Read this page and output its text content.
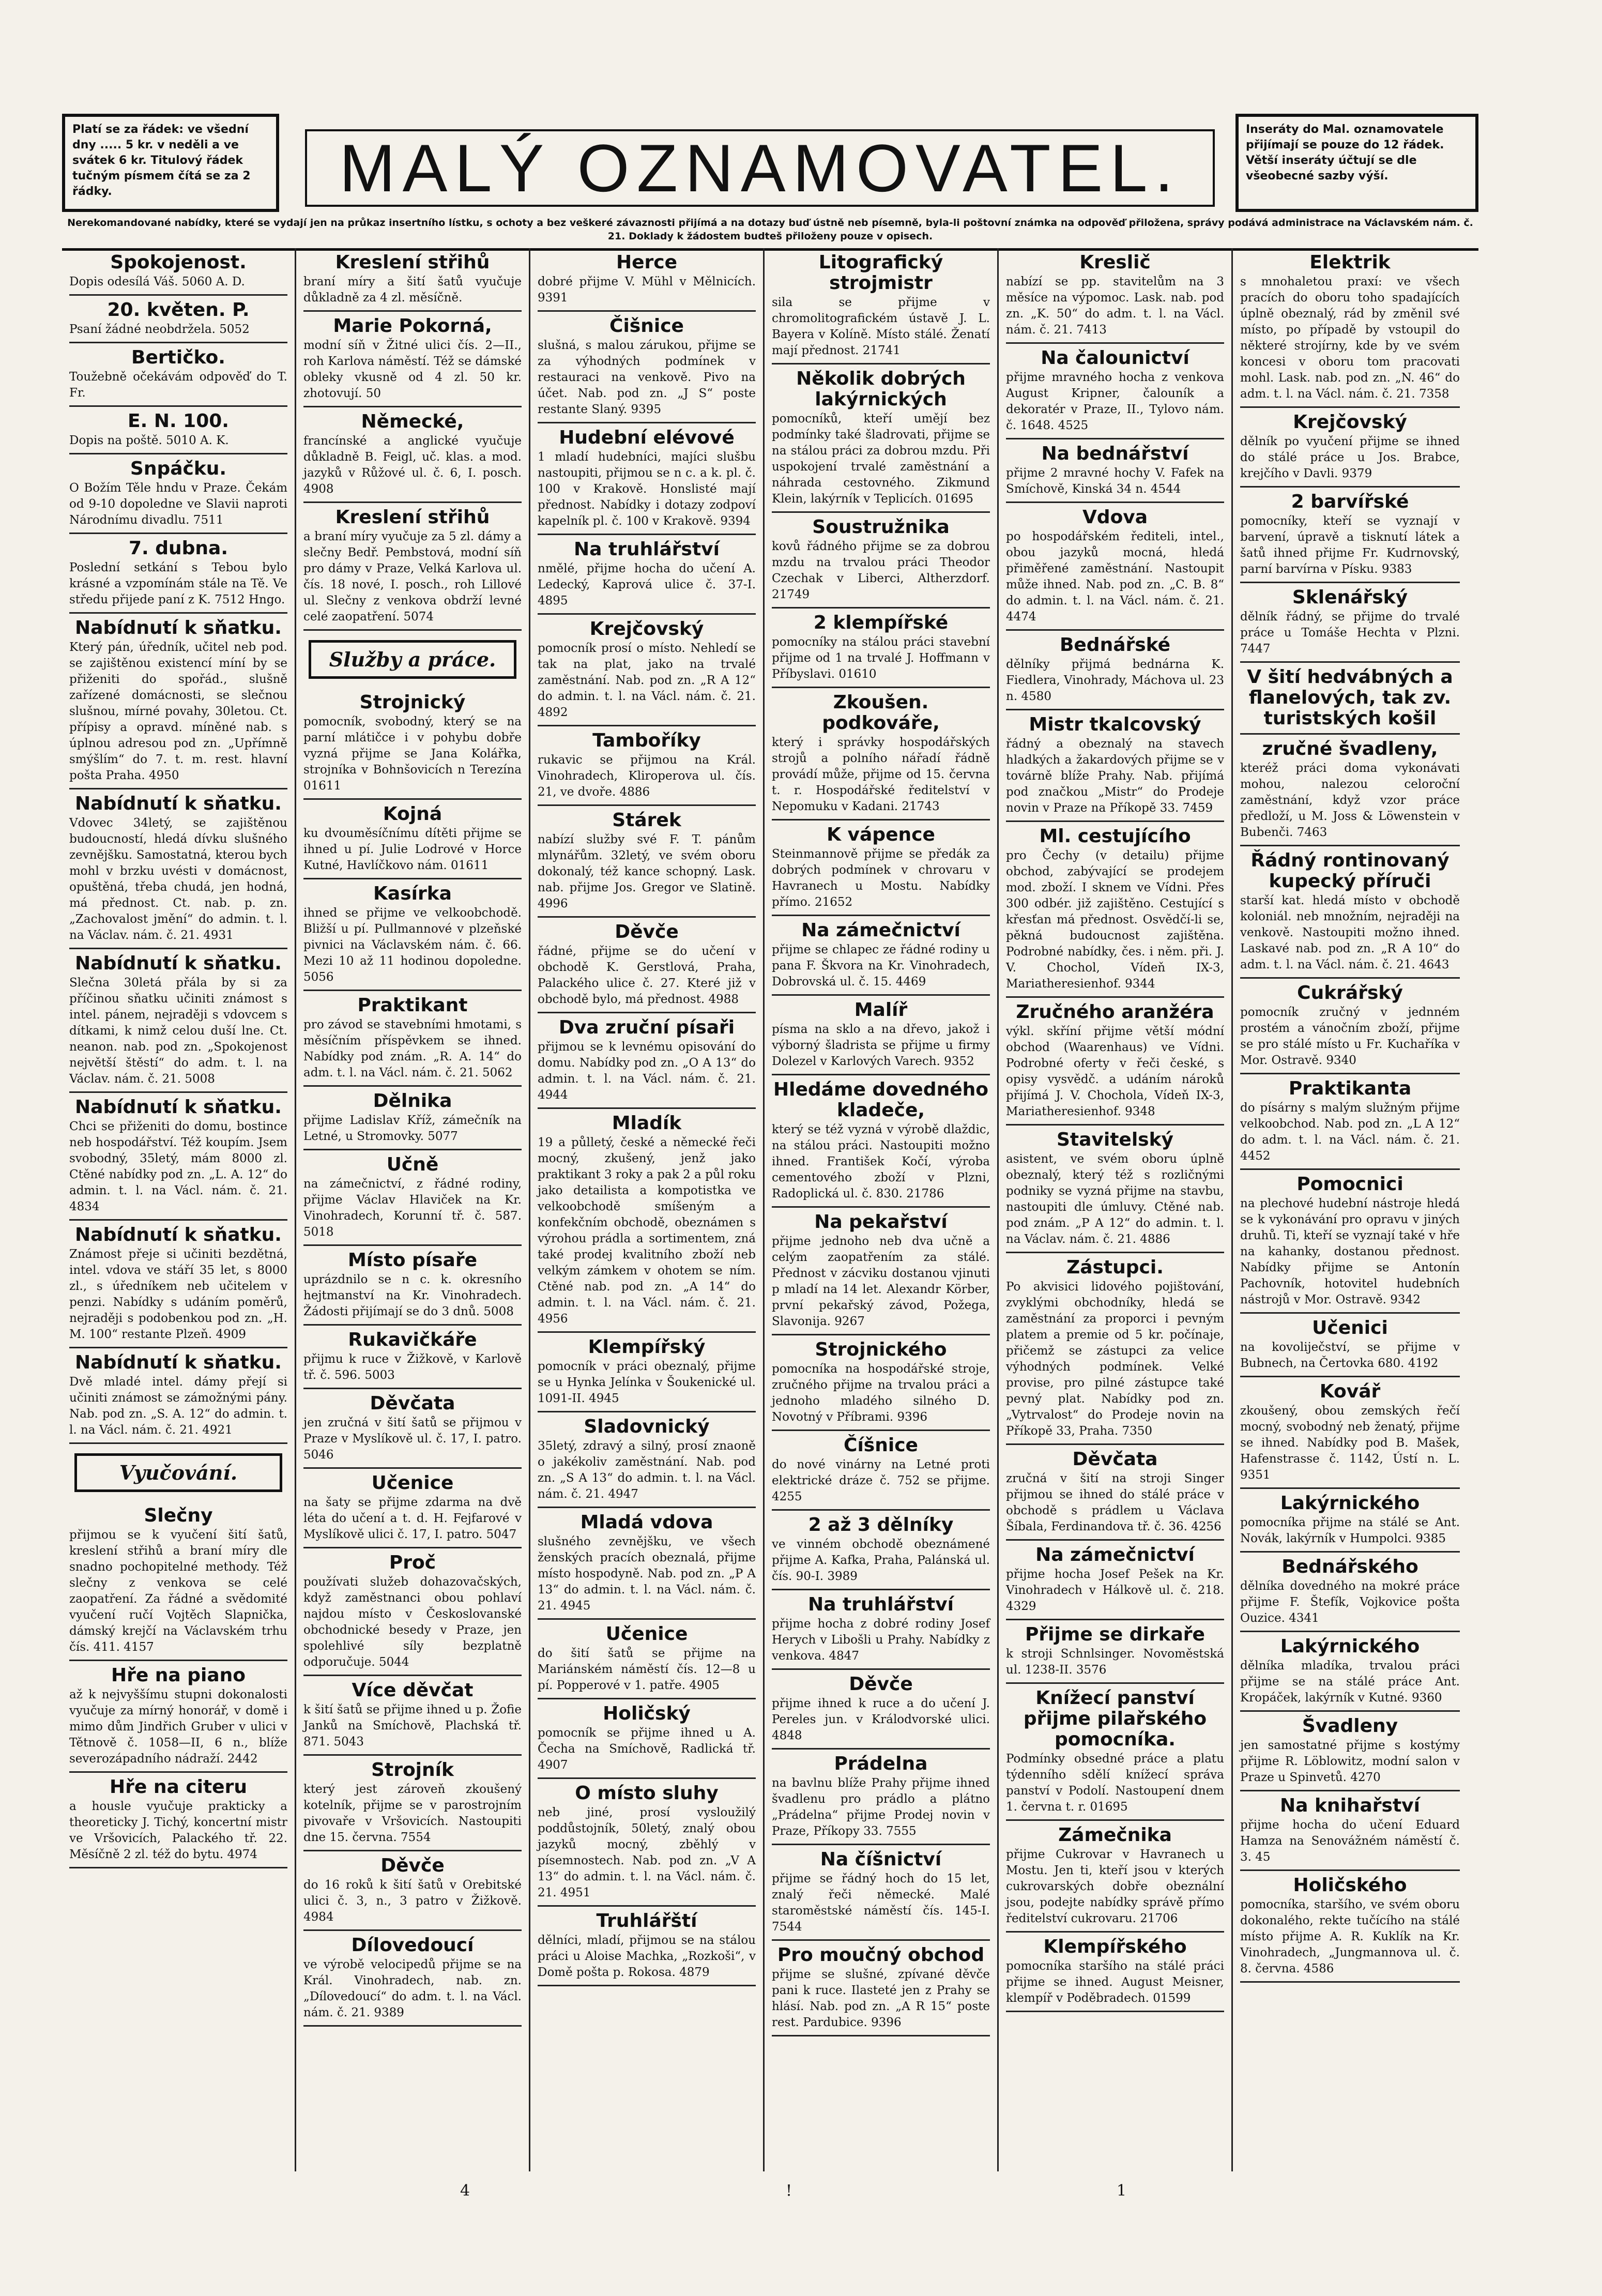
Platí se za řádek: ve všední dny ..... 5 kr. v neděli a ve svátek 6 kr. Titulový řádek tučným písmem čítá se za 2 řádky.	MALÝ OZNAMOVATEL.
Inseráty do Mal. oznamovatele přijímají se pouze do 12 řádek. Větší inseráty účtují se dle všeobecné sazby výší.
Nerekomandované nabídky, které se vydají jen na průkaz insertního lístku, s ochoty a bez veškeré závaznosti přijímá a na dotazy buď ústně neb písemně, byla-li poštovní známka na odpověď přiložena, správy podává administrace na Václavském nám. č. 21. Doklady k žádostem budteš přiloženy pouze v opisech.
Spokojenost.

Dopis odesílá Váš. 5060 A. D.

20. květen. P.

Psaní žádné neobdržela. 5052

Bertičko.

Toužebně očekávám odpověď do T. Fr.

E. N. 100.

Dopis na poště. 5010 A. K.

Snpáčku.

O Božím Těle hndu v Praze. Čekám od 9-10 dopoledne ve Slavii naproti Národnímu divadlu. 7511

7. dubna.

Poslední setkání s Tebou bylo krásné a vzpomínám stále na Tě. Ve středu přijede paní z K. 7512 Hngo.

Nabídnutí k sňatku.

Který pán, úředník, učitel neb pod. se zajištěnou existencí míní by se přiženiti do spořád., slušně zařízené domácnosti, se slečnou slušnou, mírné povahy, 30letou. Ct. přípisy a opravd. míněné nab. s úplnou adresou pod zn. „Upřímně smýšlím“ do 7. t. m. rest. hlavní pošta Praha. 4950

Nabídnutí k sňatku.

Vdovec 34letý, se zajištěnou budoucností, hledá dívku slušného zevnějšku. Samostatná, kterou bych mohl v brzku uvésti v domácnost, opuštěná, třeba chudá, jen hodná, má přednost. Ct. nab. p. zn. „Zachovalost jmění“ do admin. t. l. na Václav. nám. č. 21. 4931

Nabídnutí k sňatku.

Slečna 30letá přála by si za příčinou sňatku učiniti známost s intel. pánem, nejraději s vdovcem s dítkami, k nimž celou duší lne. Ct. neanon. nab. pod zn. „Spokojenost největší štěstí“ do adm. t. l. na Václav. nám. č. 21. 5008

Nabídnutí k sňatku.

Chci se přiženiti do domu, bostince neb hospodářství. Též koupím. Jsem svobodný, 35letý, mám 8000 zl. Ctěné nabídky pod zn. „L. A. 12“ do admin. t. l. na Václ. nám. č. 21. 4834

Nabídnutí k sňatku.

Známost přeje si učiniti bezdětná, intel. vdova ve stáří 35 let, s 8000 zl., s úředníkem neb učitelem v penzi. Nabídky s udáním poměrů, nejraději s podobenkou pod zn. „H. M. 100“ restante Plzeň. 4909

Nabídnutí k sňatku.

Dvě mladé intel. dámy přejí si učiniti známost se zámožnými pány. Nab. pod zn. „S. A. 12“ do admin. t. l. na Václ. nám. č. 21. 4921

Vyučování.
Slečny

přijmou se k vyučení šití šatů, kreslení střihů a braní míry dle snadno pochopitelné methody. Též slečny z venkova se celé zaopatření. Za řádné a svědomité vyučení ručí Vojtěch Slapnička, dámský krejčí na Václavském trhu čís. 411. 4157

Hře na piano

až k nejvyššímu stupni dokonalosti vyučuje za mírný honorář, v domě i mimo dům Jindřich Gruber v ulici v Tětnově č. 1058—II, 6 n., blíže severozápadního nádraží. 2442

Hře na citeru

a housle vyučuje prakticky a theoreticky J. Tichý, koncertní mistr ve Vršovicích, Palackého tř. 22. Měsíčně 2 zl. též do bytu. 4974

Kreslení střihů

braní míry a šití šatů vyučuje důkladně za 4 zl. měsíčně.

Marie Pokorná,

modní síň v Žitné ulici čís. 2—II., roh Karlova náměstí. Též se dámské obleky vkusně od 4 zl. 50 kr. zhotovují. 50

Německé,

francínské a anglické vyučuje důkladně B. Feigl, uč. klas. a mod. jazyků v Růžové ul. č. 6, I. posch. 4908

Kreslení střihů

a braní míry vyučuje za 5 zl. dámy a slečny Bedř. Pembstová, modní síň pro dámy v Praze, Velká Karlova ul. čís. 18 nové, I. posch., roh Lillové ul. Slečny z venkova obdrží levné celé zaopatření. 5074

Služby a práce.
Strojnický

pomocník, svobodný, který se na parní mlátičce i v pohybu dobře vyzná přijme se Jana Kolářka, strojníka v Bohnšovicích n Terezína 01611

Kojná

ku dvouměsíčnímu dítěti přijme se ihned u pí. Julie Lodrové v Horce Kutné, Havlíčkovo nám. 01611

Kasírka

ihned se přijme ve velkoobchodě. Bližší u pí. Pullmannové v plzeňské pivnici na Václavském nám. č. 66. Mezi 10 až 11 hodinou dopoledne. 5056

Praktikant

pro závod se stavebními hmotami, s měsíčním příspěvkem se ihned. Nabídky pod znám. „R. A. 14“ do adm. t. l. na Václ. nám. č. 21. 5062

Dělnika

přijme Ladislav Kříž, zámečník na Letné, u Stromovky. 5077

Učně

na zámečnictví, z řádné rodiny, přijme Václav Hlaviček na Kr. Vinohradech, Korunní tř. č. 587. 5018

Místo písaře

uprázdnilo se n c. k. okresního hejtmanství na Kr. Vinohradech. Žádosti přijímají se do 3 dnů. 5008

Rukavičkáře

přijmu k ruce v Žižkově, v Karlově tř. č. 596. 5003

Děvčata

jen zručná v šití šatů se přijmou v Praze v Myslíkově ul. č. 17, I. patro. 5046

Učenice

na šaty se přijme zdarma na dvě léta do učení a t. d. H. Fejfarové v Myslíkově ulici č. 17, I. patro. 5047

Proč

používati služeb dohazovačských, když zaměstnanci obou pohlaví najdou místo v Českoslovanské obchodnické besedy v Praze, jen spolehlivé síly bezplatně odporučuje. 5044

Více děvčat

k šití šatů se přijme ihned u p. Žofie Janků na Smíchově, Plachská tř. 871. 5043

Strojník

který jest zároveň zkoušený kotelník, přijme se v parostrojním pivovaře v Vršovicích. Nastoupiti dne 15. června. 7554

Děvče

do 16 roků k šití šatů v Orebitské ulici č. 3, n., 3 patro v Žižkově. 4984

Dílovedoucí

ve výrobě velocipedů přijme se na Král. Vinohradech, nab. zn. „Dílovedoucí“ do adm. t. l. na Václ. nám. č. 21. 9389

Herce

dobré přijme V. Mühl v Mělnicích. 9391

Čišnice

slušná, s malou zárukou, přijme se za výhodných podmínek v restauraci na venkově. Pivo na účet. Nab. pod zn. „J S“ poste restante Slaný. 9395

Hudební elévové

1 mladí hudebníci, majíci slušbu nastoupiti, přijmou se n c. a k. pl. č. 100 v Krakově. Honslisté mají přednost. Nabídky i dotazy zodpoví kapelník pl. č. 100 v Krakově. 9394

Na truhlářství

nmělé, přijme hocha do učení A. Ledecký, Kaprová ulice č. 37-I. 4895

Krejčovský

pomocník prosí o místo. Nehledí se tak na plat, jako na trvalé zaměstnání. Nab. pod zn. „R A 12“ do admin. t. l. na Václ. nám. č. 21. 4892

Tamboříky

rukavic se přijmou na Král. Vinohradech, Kliroperova ul. čís. 21, ve dvoře. 4886

Stárek

nabízí služby své F. T. pánům mlynářům. 32letý, ve svém oboru dokonalý, též kance schopný. Lask. nab. přijme Jos. Gregor ve Slatině. 4996

Děvče

řádné, přijme se do učení v obchodě K. Gerstlová, Praha, Palackého ulice č. 27. Které již v obchodě bylo, má přednost. 4988

Dva zruční písaři

přijmou se k levnému opisování do domu. Nabídky pod zn. „O A 13“ do admin. t. l. na Václ. nám. č. 21. 4944

Mladík

19 a půlletý, české a německé řeči mocný, zkušený, jenž jako praktikant 3 roky a pak 2 a půl roku jako detailista a kompotistka ve velkoobchodě smíšeným a konfekčním obchodě, obeznámen s výrohou prádla a sortimentem, zná také prodej kvalitního zboží neb velkým zámkem v ohotem se ním. Ctěné nab. pod zn. „A 14“ do admin. t. l. na Václ. nám. č. 21. 4956

Klempířský

pomocník v práci obeznalý, přijme se u Hynka Jelínka v Šoukenické ul. 1091-II. 4945

Sladovnický

35letý, zdravý a silný, prosí znaoně o jakékoliv zaměstnání. Nab. pod zn. „S A 13“ do admin. t. l. na Václ. nám. č. 21. 4947

Mladá vdova

slušného zevnějšku, ve všech ženských pracích obeznalá, přijme místo hospodyně. Nab. pod zn. „P A 13“ do admin. t. l. na Václ. nám. č. 21. 4945

Učenice

do šití šatů se přijme na Mariánském náměstí čís. 12—8 u pí. Popperové v 1. patře. 4905

Holičský

pomocník se přijme ihned u A. Čecha na Smíchově, Radlická tř. 4907

O místo sluhy

neb jiné, prosí vysloužilý poddůstojník, 50letý, znalý obou jazyků mocný, zběhlý v písemnostech. Nab. pod zn. „V A 13“ do admin. t. l. na Václ. nám. č. 21. 4951

Truhlářští

dělníci, mladí, přijmou se na stálou práci u Aloise Machka, „Rozkoši“, v Domě pošta p. Rokosa. 4879

Litografický strojmistr

sila se přijme v chromolitografickém ústavě J. L. Bayera v Kolíně. Místo stálé. Ženatí mají přednost. 21741

Několik dobrých lakýrnických

pomocníků, kteří umějí bez podmínky také šladrovati, přijme se na stálou práci za dobrou mzdu. Při uspokojení trvalé zaměstnání a náhrada cestovného. Zikmund Klein, lakýrník v Teplicích. 01695

Soustružnika

kovů řádného přijme se za dobrou mzdu na trvalou práci Theodor Czechak v Liberci, Altherzdorf. 21749

2 klempířské

pomocníky na stálou práci stavební přijme od 1 na trvalé J. Hoffmann v Příbyslavi. 01610

Zkoušen. podkováře,

který i správky hospodářských strojů a polního nářadí řádně provádí může, přijme od 15. června t. r. Hospodářské ředitelství v Nepomuku v Kadani. 21743

K vápence

Steinmannově přijme se předák za dobrých podmínek v chrovaru v Havranech u Mostu. Nabídky přímo. 21652

Na zámečnictví

přijme se chlapec ze řádné rodiny u pana F. Škvora na Kr. Vinohradech, Dobrovská ul. č. 15. 4469

Malíř

písma na sklo a na dřevo, jakož i výborný šladrista se přijme u firmy Dolezel v Karlových Varech. 9352

Hledáme dovedného kladeče,

který se též vyzná v výrobě dlaždic, na stálou práci. Nastoupiti možno ihned. František Kočí, výroba cementového zboží v Plzni, Radoplická ul. č. 830. 21786

Na pekařství

přijme jednoho neb dva učně a celým zaopatřením za stálé. Přednost v zácviku dostanou vjinuti p mladí na 14 let. Alexandr Körber, první pekařský závod, Požega, Slavonija. 9267

Strojnického

pomocníka na hospodářské stroje, zručného přijme na trvalou práci a jednoho mladého silného D. Novotný v Příbrami. 9396

Číšnice

do nové vinárny na Letné proti elektrické dráze č. 752 se přijme. 4255

2 až 3 dělníky

ve vinném obchodě obeznámené přijme A. Kafka, Praha, Palánská ul. čís. 90-I. 3989

Na truhlářství

přijme hocha z dobré rodiny Josef Herych v Libošli u Prahy. Nabídky z venkova. 4847

Děvče

přijme ihned k ruce a do učení J. Pereles jun. v Králodvorské ulici. 4848

Prádelna

na bavlnu blíže Prahy přijme ihned švadlenu pro prádlo a plátno „Prádelna“ přijme Prodej novin v Praze, Příkopy 33. 7555

Na číšnictví

přijme se řádný hoch do 15 let, znalý řeči německé. Malé staroměstské náměstí čís. 145-I. 7544

Pro moučný obchod

přijme se slušné, zpívané děvče pani k ruce. Ilasteté jen z Prahy se hlásí. Nab. pod zn. „A R 15“ poste rest. Pardubice. 9396

Kreslič

nabízí se pp. stavitelům na 3 měsíce na výpomoc. Lask. nab. pod zn. „K. 50“ do adm. t. l. na Václ. nám. č. 21. 7413

Na čalounictví

přijme mravného hocha z venkova August Kripner, čalouník a dekoratér v Praze, II., Tylovo nám. č. 1648. 4525

Na bednářství

přijme 2 mravné hochy V. Fafek na Smíchově, Kinská 34 n. 4544

Vdova

po hospodářském řediteli, intel., obou jazyků mocná, hledá přiměřené zaměstnání. Nastoupit může ihned. Nab. pod zn. „C. B. 8“ do admin. t. l. na Václ. nám. č. 21. 4474

Bednářské

dělníky přijmá bednárna K. Fiedlera, Vinohrady, Máchova ul. 23 n. 4580

Mistr tkalcovský

řádný a obeznalý na stavech hladkých a žakardových přijme se v továrně blíže Prahy. Nab. přijímá pod značkou „Mistr“ do Prodeje novin v Praze na Příkopě 33. 7459

Ml. cestujícího

pro Čechy (v detailu) přijme obchod, zabývající se prodejem mod. zboží. I sknem ve Vídni. Přes 300 odbér. již zajištěno. Cestující s křesťan má přednost. Osvědčí-li se, pěkná budoucnost zajištěna. Podrobné nabídky, čes. i něm. při. J. V. Chochol, Vídeň IX-3, Mariatheresienhof. 9344

Zručného aranžéra

výkl. skříní přijme větší módní obchod (Waarenhaus) ve Vídni. Podrobné oferty v řeči české, s opisy vysvědč. a udáním nároků přijímá J. V. Chochola, Vídeň IX-3, Mariatheresienhof. 9348

Stavitelský

asistent, ve svém oboru úplně obeznalý, který též s rozličnými podniky se vyzná přijme na stavbu, nastoupiti dle úmluvy. Ctěné nab. pod znám. „P A 12“ do admin. t. l. na Václav. nám. č. 21. 4886

Zástupci.

Po akvisici lidového pojištování, zvyklými obchodníky, hledá se zaměstnání za proporci i pevným platem a premie od 5 kr. počínaje, přičemž se zástupci za velice výhodných podmínek. Velké provise, pro pilné zástupce také pevný plat. Nabídky pod zn. „Vytrvalost“ do Prodeje novin na Příkopě 33, Praha. 7350

Děvčata

zručná v šití na stroji Singer přijmou se ihned do stálé práce v obchodě s prádlem u Václava Šíbala, Ferdinandova tř. č. 36. 4256

Na zámečnictví

přijme hocha Josef Pešek na Kr. Vinohradech v Hálkově ul. č. 218. 4329

Přijme se dirkaře

k stroji Schnlsinger. Novoměstská ul. 1238-II. 3576

Knížecí panství přijme pilařského pomocníka.

Podmínky obsedné práce a platu týdenního sdělí knížecí správa panství v Podolí. Nastoupení dnem 1. června t. r. 01695

Zámečnika

přijme Cukrovar v Havranech u Mostu. Jen ti, kteří jsou v kterých cukrovarských dobře obeznální jsou, podejte nabídky správě přímo ředitelství cukrovaru. 21706

Klempířského

pomocníka staršího na stálé práci přijme se ihned. August Meisner, klempíř v Poděbradech. 01599

Elektrik

s mnohaletou praxí: ve všech pracích do oboru toho spadajících úplně obeznalý, rád by změnil své místo, po případě by vstoupil do některé strojírny, kde by ve svém koncesi v oboru tom pracovati mohl. Lask. nab. pod zn. „N. 46“ do adm. t. l. na Václ. nám. č. 21. 7358

Krejčovský

dělník po vyučení přijme se ihned do stálé práce u Jos. Brabce, krejčího v Davli. 9379

2 barvířské

pomocníky, kteří se vyznají v barvení, úpravě a tisknutí látek a šatů ihned přijme Fr. Kudrnovský, parní barvírna v Písku. 9383

Sklenářský

dělník řádný, se přijme do trvalé práce u Tomáše Hechta v Plzni. 7447

V šití hedvábných a flanelových, tak zv. turistských košil
zručné švadleny,

kteréž práci doma vykonávati mohou, nalezou celoroční zaměstnání, když vzor práce předloží, u M. Joss & Löwenstein v Bubenči. 7463

Řádný rontinovaný kupecký příruči

starší kat. hledá místo v obchodě koloniál. neb množním, nejraději na venkově. Nastoupiti možno ihned. Laskavé nab. pod zn. „R A 10“ do adm. t. l. na Václ. nám. č. 21. 4643

Cukrářský

pomocník zručný v jednném prostém a vánočním zboží, přijme se pro stálé místo u Fr. Kuchaříka v Mor. Ostravě. 9340

Praktikanta

do písárny s malým služným přijme velkoobchod. Nab. pod zn. „L A 12“ do adm. t. l. na Václ. nám. č. 21. 4452

Pomocnici

na plechové hudební nástroje hledá se k vykonávání pro opravu v jiných druhů. Ti, kteří se vyznají také v hře na kahanky, dostanou přednost. Nabídky přijme se Antonín Pachovník, hotovitel hudebních nástrojů v Mor. Ostravě. 9342

Učenici

na kovoliječství, se přijme v Bubnech, na Čertovka 680. 4192

Kovář

zkoušený, obou zemských řečí mocný, svobodný neb ženatý, přijme se ihned. Nabídky pod B. Mašek, Hafenstrasse č. 1142, Ústí n. L. 9351

Lakýrnického

pomocníka přijme na stálé se Ant. Novák, lakýrník v Humpolci. 9385

Bednářského

dělníka dovedného na mokré práce přijme F. Štefík, Vojkovice pošta Ouzice. 4341

Lakýrnického

dělníka mladíka, trvalou práci přijme se na stálé práce Ant. Kropáček, lakýrník v Kutné. 9360

Švadleny

jen samostatné přijme s kostýmy přijme R. Löblowitz, modní salon v Praze u Spinvetů. 4270

Na knihařství

přijme hocha do učení Eduard Hamza na Senovážném náměstí č. 3. 45

Holičského

pomocníka, staršího, ve svém oboru dokonalého, rekte tučícího na stálé místo přijme A. R. Kuklík na Kr. Vinohradech, „Jungmannova ul. č. 8. června. 4586

4	!	1
